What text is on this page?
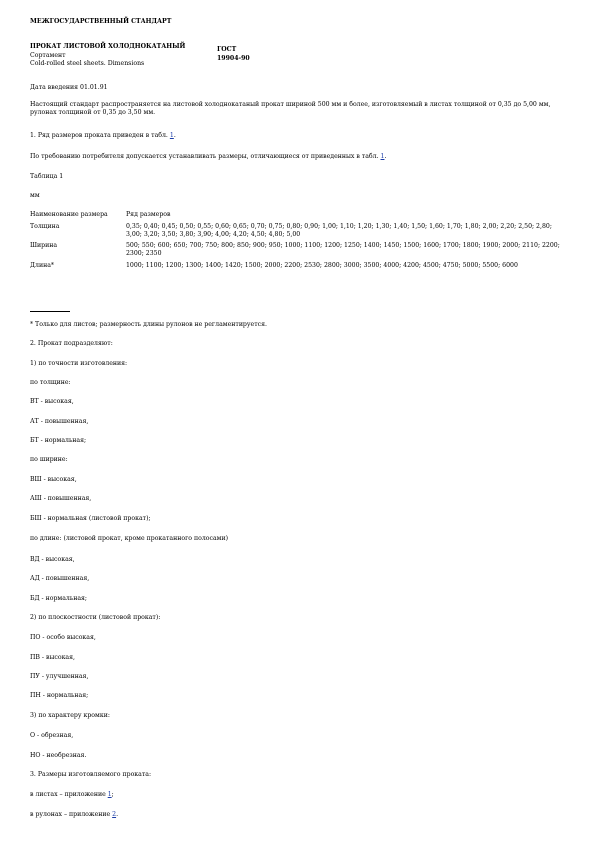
МЕЖГОСУДАРСТВЕННЫЙ СТАНДАРТ
ПРОКАТ ЛИСТОВОЙ ХОЛОДНОКАТАНЫЙ
Сортамент
Cold-rolled steel sheets. Dimensions
ГОСТ
19904-90
Дата введения 01.01.91
Настоящий стандарт распространяется на листовой холоднокатаный прокат шириной 500 мм и более, изготовляемый в листах толщиной от 0,35 до 5,00 мм, рулонах толщиной от 0,35 до 3,50 мм.
1. Ряд размеров проката приведен в табл. 1.
По требованию потребителя допускается устанавливать размеры, отличающиеся от приведенных в табл. 1.
Таблица 1
мм
Наименование размера	Ряд размеров
Толщина	0,35; 0,40; 0,45; 0,50; 0,55; 0,60; 0,65; 0,70; 0,75; 0,80; 0,90; 1,00; 1,10; 1,20; 1,30; 1,40; 1,50; 1,60; 1,70; 1,80; 2,00; 2,20; 2,50; 2,80; 3,00; 3,20; 3,50; 3,80; 3,90; 4,00; 4,20; 4,50; 4,80; 5,00
Ширина	500; 550; 600; 650; 700; 750; 800; 850; 900; 950; 1000; 1100; 1200; 1250; 1400; 1450; 1500; 1600; 1700; 1800; 1900; 2000; 2110; 2200; 2300; 2350
Длина*	1000; 1100; 1200; 1300; 1400; 1420; 1500; 2000; 2200; 2530; 2800; 3000; 3500; 4000; 4200; 4500; 4750; 5000; 5500; 6000
* Только для листов; размерность длины рулонов не регламентируется.
2. Прокат подразделяют:
1) по точности изготовления:
по толщине:
ВТ - высокая,
АТ - повышенная,
БТ - нормальная;
по ширине:
ВШ - высокая,
АШ - повышенная,
БШ - нормальная (листовой прокат);
по длине: (листовой прокат, кроме прокатанного полосами)
ВД - высокая,
АД - повышенная,
БД - нормальная;
2) по плоскостности (листовой прокат):
ПО - особо высокая,
ПВ - высокая,
ПУ - улучшенная,
ПН - нормальная;
3) по характеру кромки:
О - обрезная,
НО - необрезная.
3. Размеры изготовляемого проката:
в листах – приложение 1;
в рулонах – приложение 2.
